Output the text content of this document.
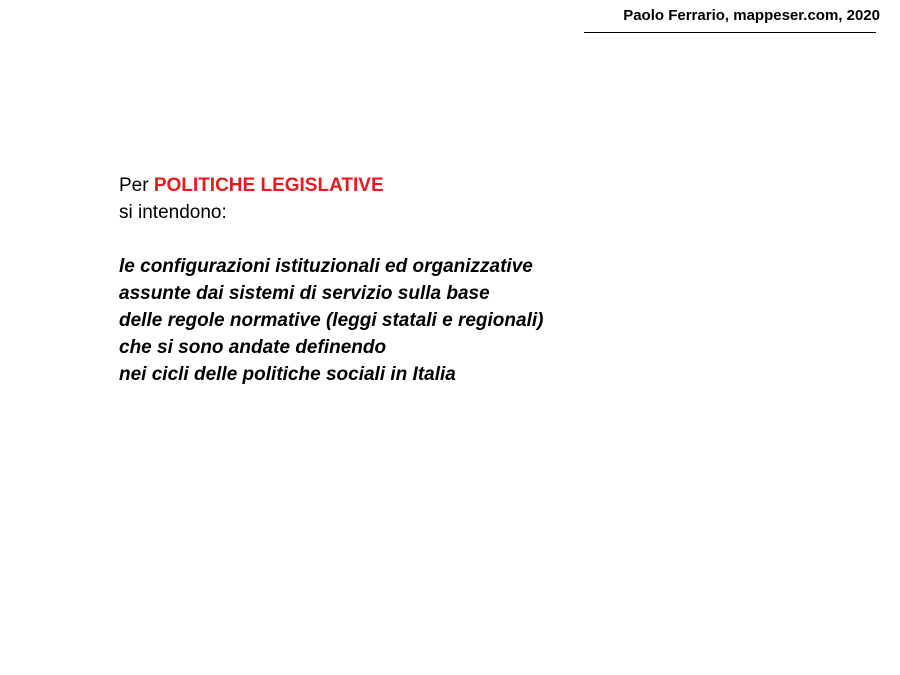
Paolo Ferrario, mappeser.com, 2020

Per POLITICHE LEGISLATIVE

si intendono:

le configurazioni istituzionali ed organizzative
assunte dai sistemi di servizio sulla base
delle regole normative (leggi statali e regionali)
che si sono andate definendo
nei cicli delle politiche sociali in Italia
